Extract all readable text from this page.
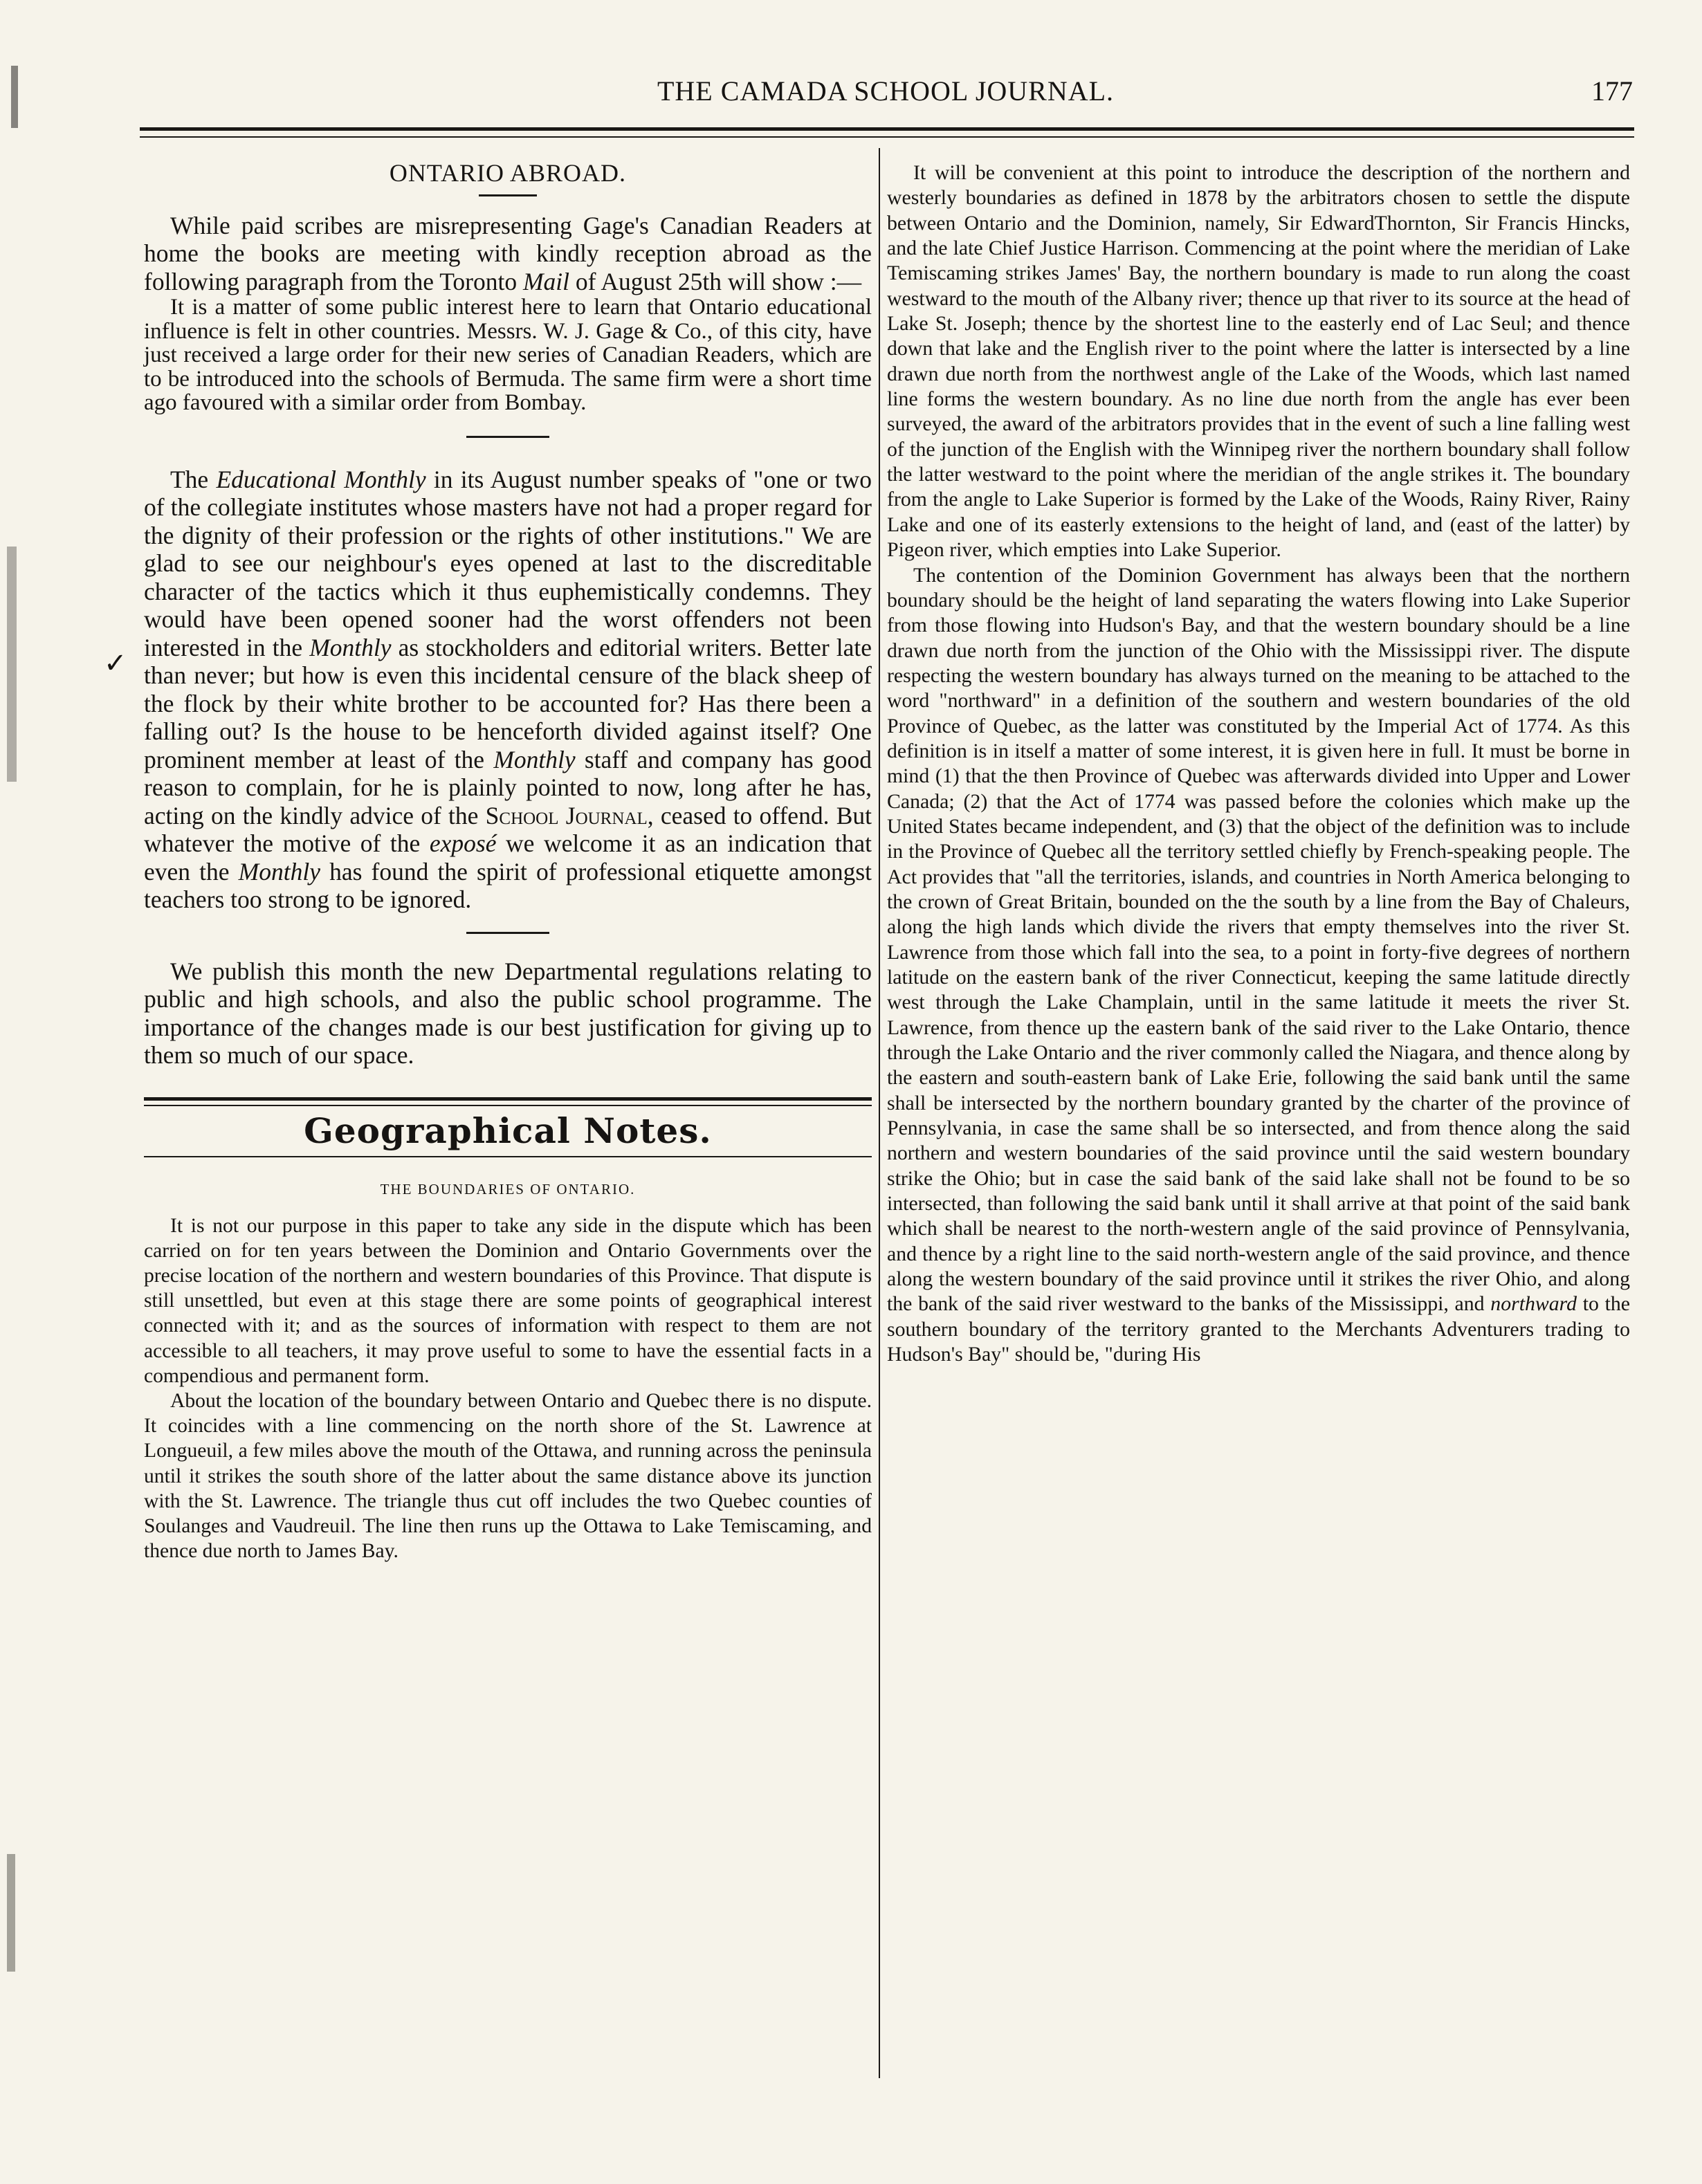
✓
THE CAMADA SCHOOL JOURNAL.	177

ONTARIO ABROAD.

While paid scribes are misrepresenting Gage's Canadian Readers at home the books are meeting with kindly reception abroad as the following paragraph from the Toronto Mail of August 25th will show :—

It is a matter of some public interest here to learn that Ontario educational influence is felt in other countries. Messrs. W. J. Gage & Co., of this city, have just received a large order for their new series of Canadian Readers, which are to be introduced into the schools of Bermuda. The same firm were a short time ago favoured with a similar order from Bombay.

The Educational Monthly in its August number speaks of "one or two of the collegiate institutes whose masters have not had a proper regard for the dignity of their profession or the rights of other institutions." We are glad to see our neighbour's eyes opened at last to the discreditable character of the tactics which it thus euphemistically condemns. They would have been opened sooner had the worst offenders not been interested in the Monthly as stockholders and editorial writers. Better late than never; but how is even this incidental censure of the black sheep of the flock by their white brother to be accounted for? Has there been a falling out? Is the house to be henceforth divided against itself? One prominent member at least of the Monthly staff and company has good reason to complain, for he is plainly pointed to now, long after he has, acting on the kindly advice of the School Journal, ceased to offend. But whatever the motive of the exposé we welcome it as an indication that even the Monthly has found the spirit of professional etiquette amongst teachers too strong to be ignored.

We publish this month the new Departmental regulations relating to public and high schools, and also the public school programme. The importance of the changes made is our best justification for giving up to them so much of our space.

Geographical Notes.

THE BOUNDARIES OF ONTARIO.

It is not our purpose in this paper to take any side in the dispute which has been carried on for ten years between the Dominion and Ontario Governments over the precise location of the northern and western boundaries of this Province. That dispute is still unsettled, but even at this stage there are some points of geographical interest connected with it; and as the sources of information with respect to them are not accessible to all teachers, it may prove useful to some to have the essential facts in a compendious and permanent form.

About the location of the boundary between Ontario and Quebec there is no dispute. It coincides with a line commencing on the north shore of the St. Lawrence at Longueuil, a few miles above the mouth of the Ottawa, and running across the peninsula until it strikes the south shore of the latter about the same distance above its junction with the St. Lawrence. The triangle thus cut off includes the two Quebec counties of Soulanges and Vaudreuil. The line then runs up the Ottawa to Lake Temiscaming, and thence due north to James Bay.

It will be convenient at this point to introduce the description of the northern and westerly boundaries as defined in 1878 by the arbitrators chosen to settle the dispute between Ontario and the Dominion, namely, Sir EdwardThornton, Sir Francis Hincks, and the late Chief Justice Harrison. Commencing at the point where the meridian of Lake Temiscaming strikes James' Bay, the northern boundary is made to run along the coast westward to the mouth of the Albany river; thence up that river to its source at the head of Lake St. Joseph; thence by the shortest line to the easterly end of Lac Seul; and thence down that lake and the English river to the point where the latter is intersected by a line drawn due north from the northwest angle of the Lake of the Woods, which last named line forms the western boundary. As no line due north from the angle has ever been surveyed, the award of the arbitrators provides that in the event of such a line falling west of the junction of the English with the Winnipeg river the northern boundary shall follow the latter westward to the point where the meridian of the angle strikes it. The boundary from the angle to Lake Superior is formed by the Lake of the Woods, Rainy River, Rainy Lake and one of its easterly extensions to the height of land, and (east of the latter) by Pigeon river, which empties into Lake Superior.

The contention of the Dominion Government has always been that the northern boundary should be the height of land separating the waters flowing into Lake Superior from those flowing into Hudson's Bay, and that the western boundary should be a line drawn due north from the junction of the Ohio with the Mississippi river. The dispute respecting the western boundary has always turned on the meaning to be attached to the word "northward" in a definition of the southern and western boundaries of the old Province of Quebec, as the latter was constituted by the Imperial Act of 1774. As this definition is in itself a matter of some interest, it is given here in full. It must be borne in mind (1) that the then Province of Quebec was afterwards divided into Upper and Lower Canada; (2) that the Act of 1774 was passed before the colonies which make up the United States became independent, and (3) that the object of the definition was to include in the Province of Quebec all the territory settled chiefly by French-speaking people. The Act provides that "all the territories, islands, and countries in North America belonging to the crown of Great Britain, bounded on the the south by a line from the Bay of Chaleurs, along the high lands which divide the rivers that empty themselves into the river St. Lawrence from those which fall into the sea, to a point in forty-five degrees of northern latitude on the eastern bank of the river Connecticut, keeping the same latitude directly west through the Lake Champlain, until in the same latitude it meets the river St. Lawrence, from thence up the eastern bank of the said river to the Lake Ontario, thence through the Lake Ontario and the river commonly called the Niagara, and thence along by the eastern and south-eastern bank of Lake Erie, following the said bank until the same shall be intersected by the northern boundary granted by the charter of the province of Pennsylvania, in case the same shall be so intersected, and from thence along the said northern and western boundaries of the said province until the said western boundary strike the Ohio; but in case the said bank of the said lake shall not be found to be so intersected, than following the said bank until it shall arrive at that point of the said bank which shall be nearest to the north-western angle of the said province of Pennsylvania, and thence by a right line to the said north-western angle of the said province, and thence along the western boundary of the said province until it strikes the river Ohio, and along the bank of the said river westward to the banks of the Mississippi, and northward to the southern boundary of the territory granted to the Merchants Adventurers trading to Hudson's Bay" should be, "during His
